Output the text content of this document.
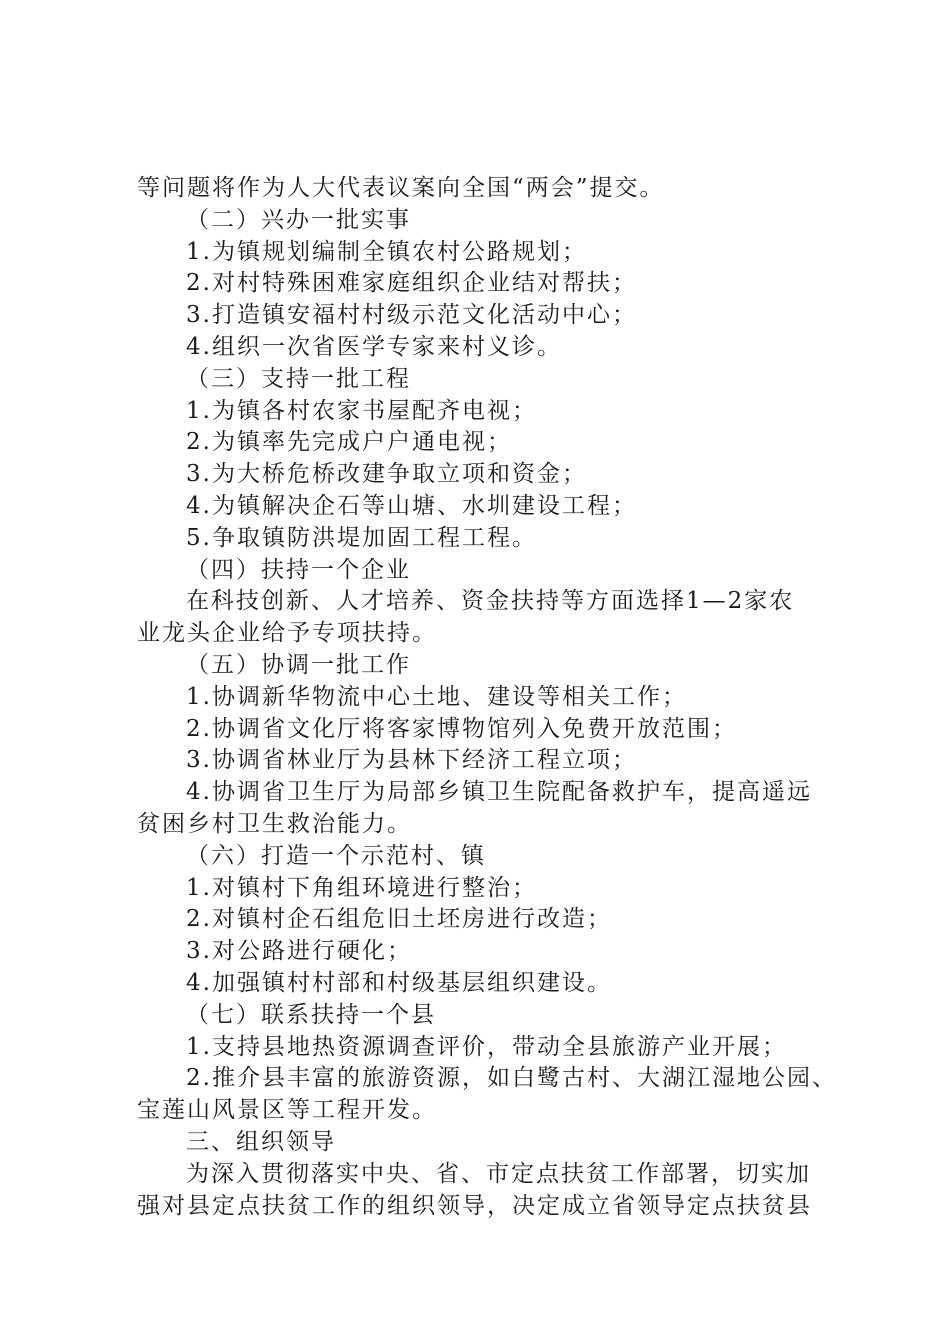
等问题将作为人大代表议案向全国“两会”提交。
（二）兴办一批实事
1.为镇规划编制全镇农村公路规划；
2.对村特殊困难家庭组织企业结对帮扶；
3.打造镇安福村村级示范文化活动中心；
4.组织一次省医学专家来村义诊。
（三）支持一批工程
1.为镇各村农家书屋配齐电视；
2.为镇率先完成户户通电视；
3.为大桥危桥改建争取立项和资金；
4.为镇解决企石等山塘、水圳建设工程；
5.争取镇防洪堤加固工程工程。
（四）扶持一个企业
在科技创新、人才培养、资金扶持等方面选择1—2家农
业龙头企业给予专项扶持。
（五）协调一批工作
1.协调新华物流中心土地、建设等相关工作；
2.协调省文化厅将客家博物馆列入免费开放范围；
3.协调省林业厅为县林下经济工程立项；
4.协调省卫生厅为局部乡镇卫生院配备救护车，提高遥远
贫困乡村卫生救治能力。
（六）打造一个示范村、镇
1.对镇村下角组环境进行整治；
2.对镇村企石组危旧土坯房进行改造；
3.对公路进行硬化；
4.加强镇村村部和村级基层组织建设。
（七）联系扶持一个县
1.支持县地热资源调查评价，带动全县旅游产业开展；
2.推介县丰富的旅游资源，如白鹭古村、大湖江湿地公园、
宝莲山风景区等工程开发。
三、组织领导
为深入贯彻落实中央、省、市定点扶贫工作部署，切实加
强对县定点扶贫工作的组织领导，决定成立省领导定点扶贫县
